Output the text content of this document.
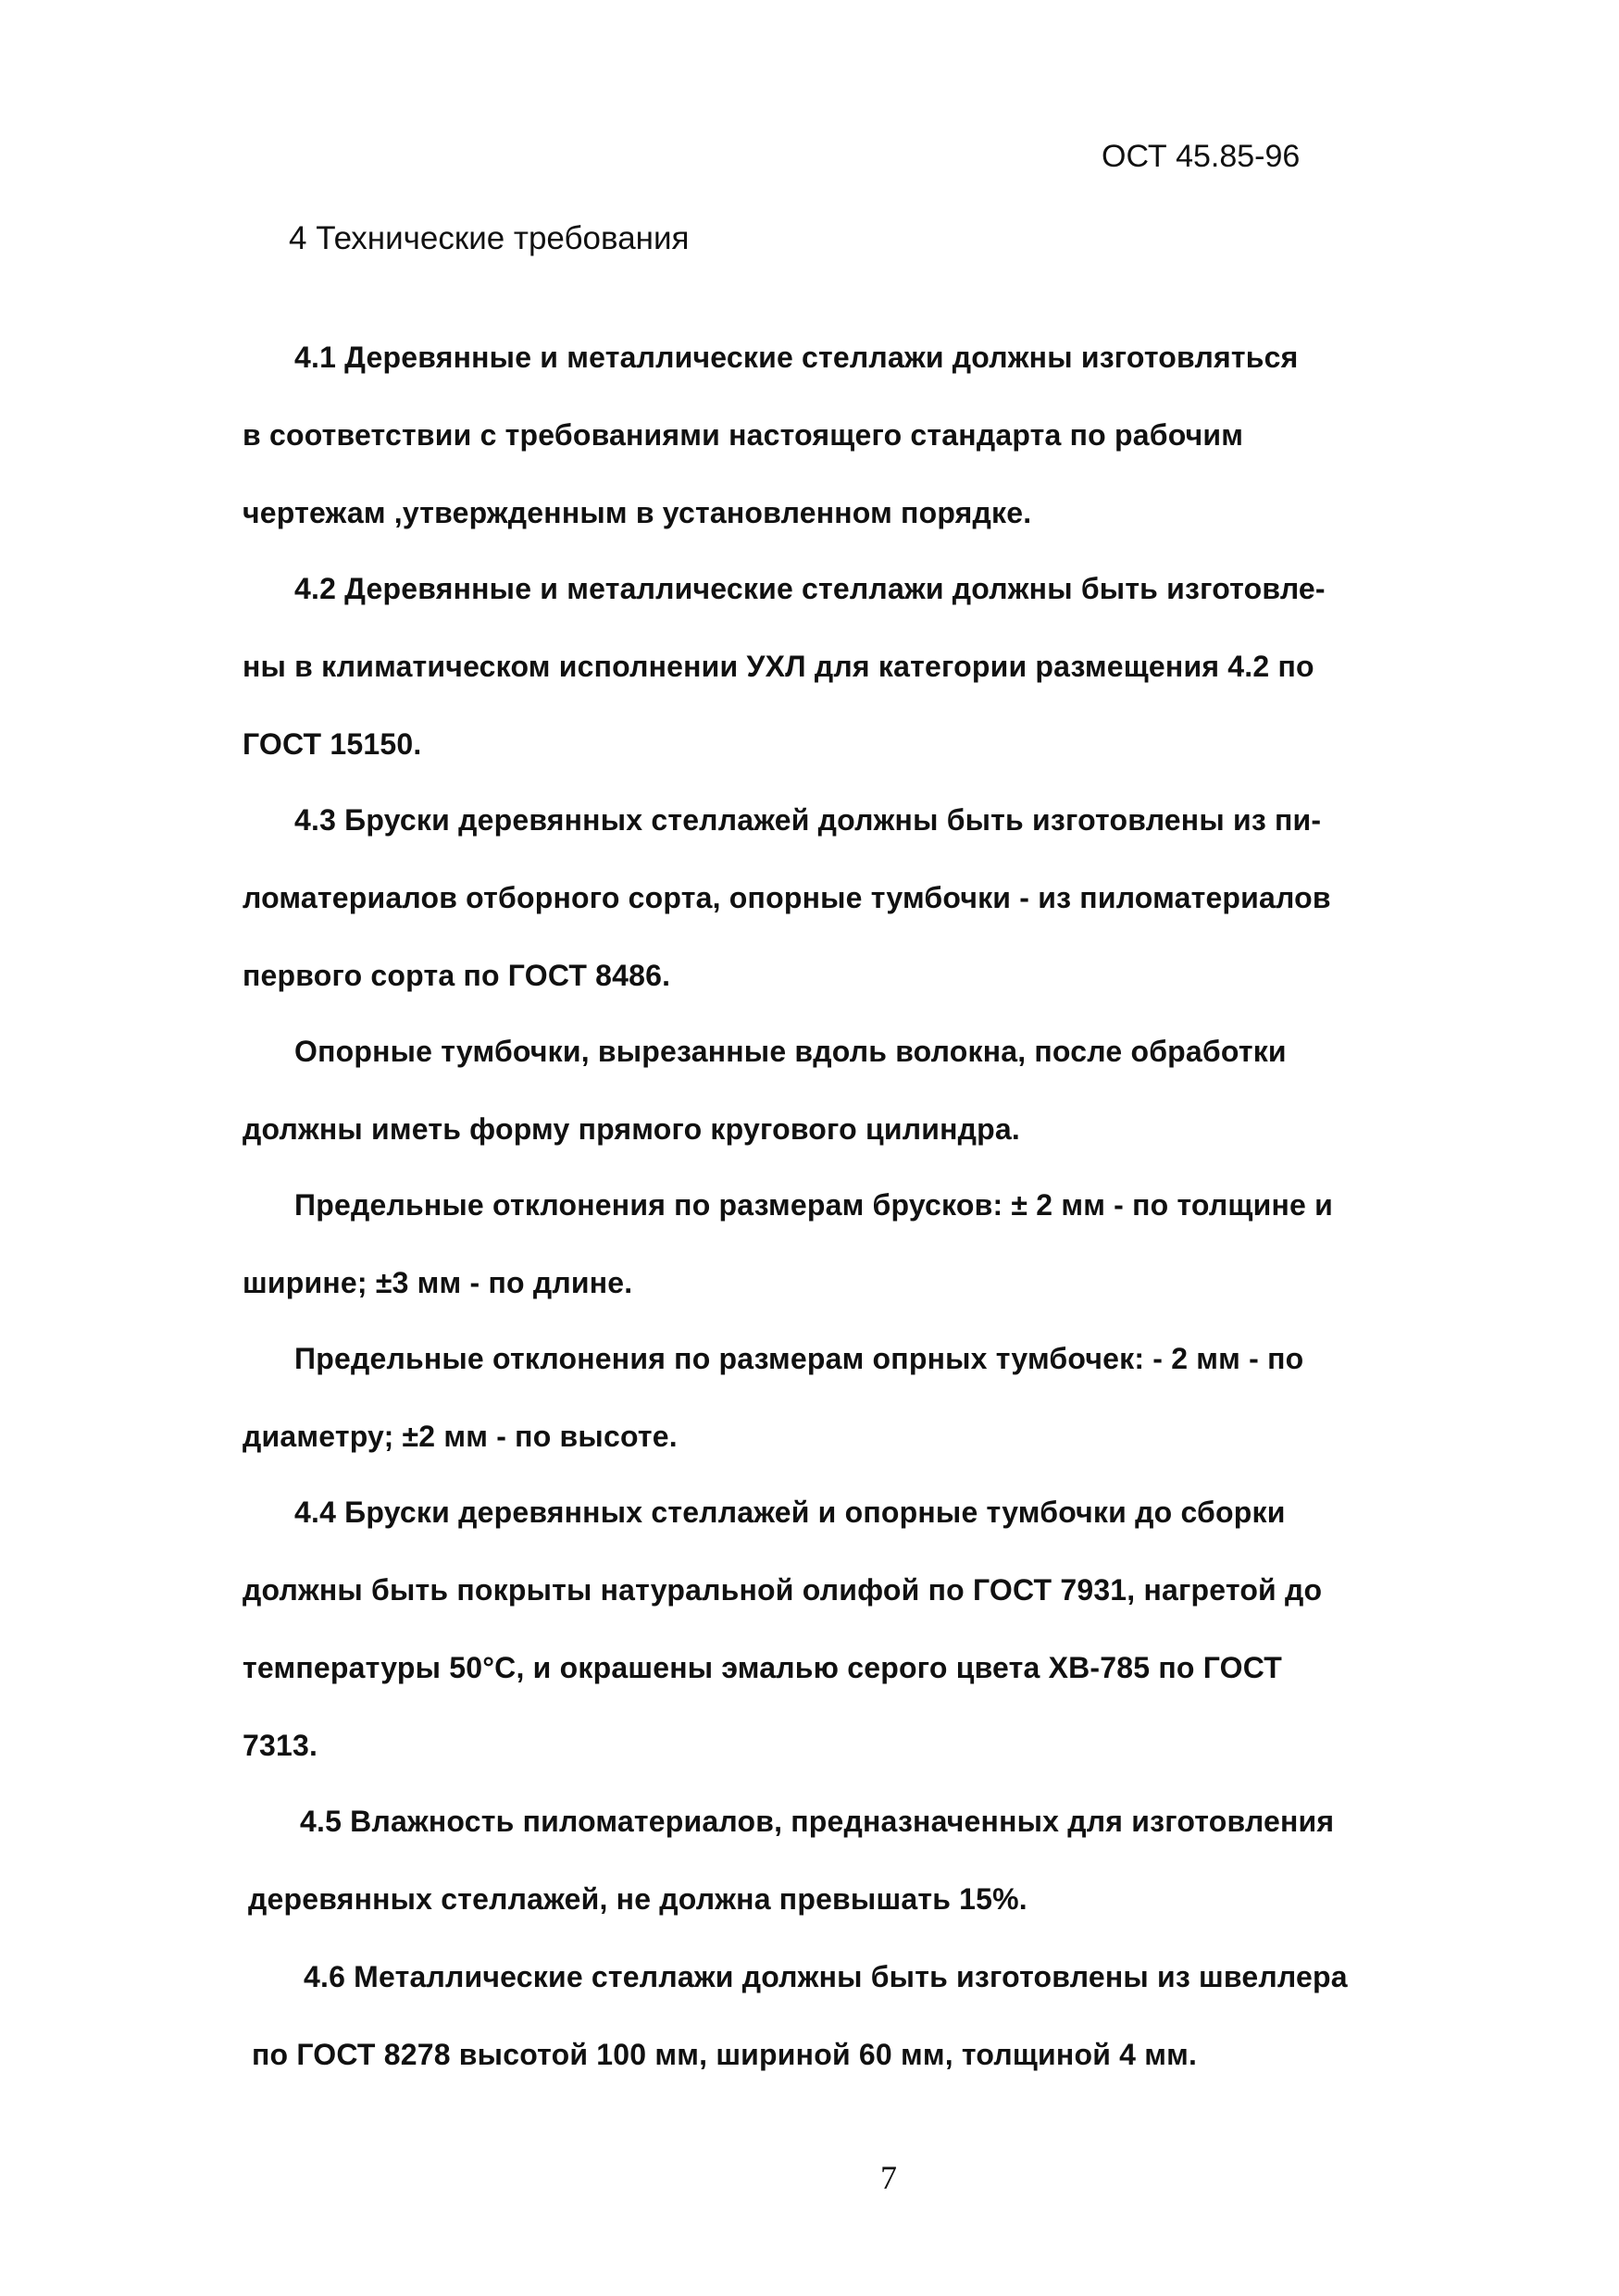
ОСТ 45.85-96
4 Технические требования
4.1 Деревянные и металлические стеллажи должны изготовляться
в соответствии с требованиями настоящего стандарта по рабочим
чертежам ,утвержденным в установленном порядке.
4.2 Деревянные и металлические стеллажи должны быть изготовле-
ны в климатическом исполнении УХЛ для категории размещения 4.2 по
ГОСТ 15150.
4.3 Бруски деревянных стеллажей должны быть изготовлены из пи-
ломатериалов отборного сорта, опорные тумбочки - из пиломатериалов
первого сорта по ГОСТ 8486.
Опорные тумбочки, вырезанные вдоль волокна, после обработки
должны иметь форму прямого кругового цилиндра.
Предельные отклонения по размерам брусков: ± 2 мм - по толщине и
ширине; ±3 мм - по длине.
Предельные отклонения по размерам опрных тумбочек: - 2 мм - по
диаметру; ±2 мм - по высоте.
4.4 Бруски деревянных стеллажей и опорные тумбочки до сборки
должны быть покрыты натуральной олифой по ГОСТ 7931, нагретой до
температуры 50°С, и окрашены эмалью серого цвета ХВ-785 по ГОСТ
7313.
4.5 Влажность пиломатериалов, предназначенных для изготовления
деревянных стеллажей, не должна превышать 15%.
4.6 Металлические стеллажи должны быть изготовлены из швеллера
по ГОСТ 8278 высотой 100 мм, шириной 60 мм, толщиной 4 мм.
7
